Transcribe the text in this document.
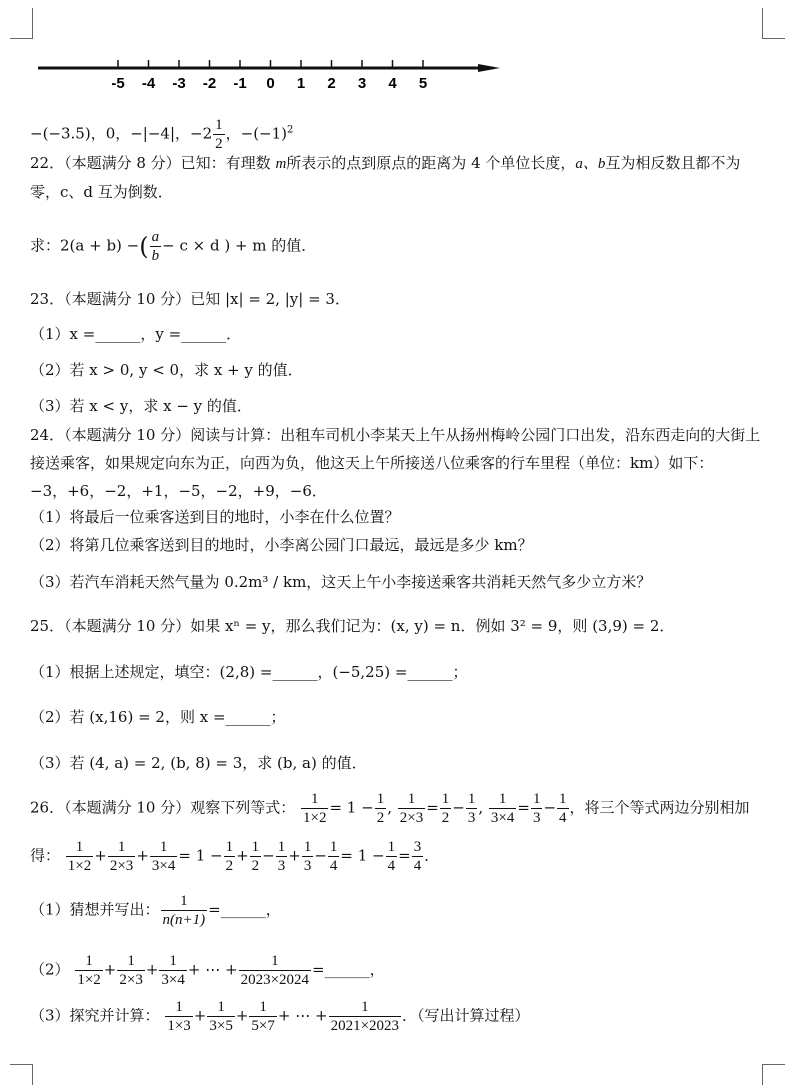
-5 -4 -3 -2 -1 0 1 2 3 4 5
−(−3.5)，0，−|−4|，$-2 \frac{1}{2}$ ，$-(-1)^2$
22．（本题满分 8 分）已知：有理数 m所表示的点到原点的距离为 4 个单位长度，a、b互为相反数且都不为
零，c、d 互为倒数．
求：2(a + b) −( $\frac{a}{b} - c \times d$ ) + m 的值．
23．（本题满分 10 分）已知 |x| = 2, |y| = 3．
（1）x =______，y =______．
（2）若 x > 0, y < 0，求 x + y 的值．
（3）若 x < y，求 x − y 的值．
24．（本题满分 10 分）阅读与计算：出租车司机小李某天上午从扬州梅岭公园门口出发，沿东西走向的大街上
接送乘客，如果规定向东为正，向西为负，他这天上午所接送八位乘客的行车里程（单位：km）如下：
−3，+6，−2，+1，−5，−2，+9，−6．
（1）将最后一位乘客送到目的地时，小李在什么位置？
（2）将第几位乘客送到目的地时，小李离公园门口最远，最远是多少 km？
（3）若汽车消耗天然气量为 0.2m³ / km，这天上午小李接送乘客共消耗天然气多少立方米？
25．（本题满分 10 分）如果 xⁿ = y，那么我们记为：(x, y) = n．例如 3² = 9，则 (3,9) = 2．
（1）根据上述规定，填空：(2,8) =______，(−5,25) =______；
（2）若 (x,16) = 2，则 x =______；
（3）若 (4, a) = 2, (b, 8) = 3，求 (b, a) 的值．
26．（本题满分 10 分）观察下列等式： $\frac{1}{1\times 2} = 1 - \frac{1}{2}$ , $\frac{1}{2\times 3} = \frac{1}{2} - \frac{1}{3}$ , $\frac{1}{3\times 4} = \frac{1}{3} - \frac{1}{4}$ ，将三个等式两边分别相加
得： $\frac{1}{1\times 2} + \frac{1}{2\times 3} + \frac{1}{3\times 4} = 1 - \frac{1}{2} + \frac{1}{2} - \frac{1}{3} + \frac{1}{3} - \frac{1}{4} = 1 - \frac{1}{4} = \frac{3}{4}$ ．
（1）猜想并写出： $\frac{1}{n(n+1)}$ =______，
$(2) \frac{1}{1\times 2} + \frac{1}{2\times 3} + \frac{1}{3\times 4}$ + ⋯ + $\frac{1}{2023\times 2024}$ =______，
（3）探究并计算： $\frac{1}{1\times 3} + \frac{1}{3\times 5} + \frac{1}{5\times 7}$ + ⋯ + $\frac{1}{2021\times 2023}$ ．（写出计算过程）
